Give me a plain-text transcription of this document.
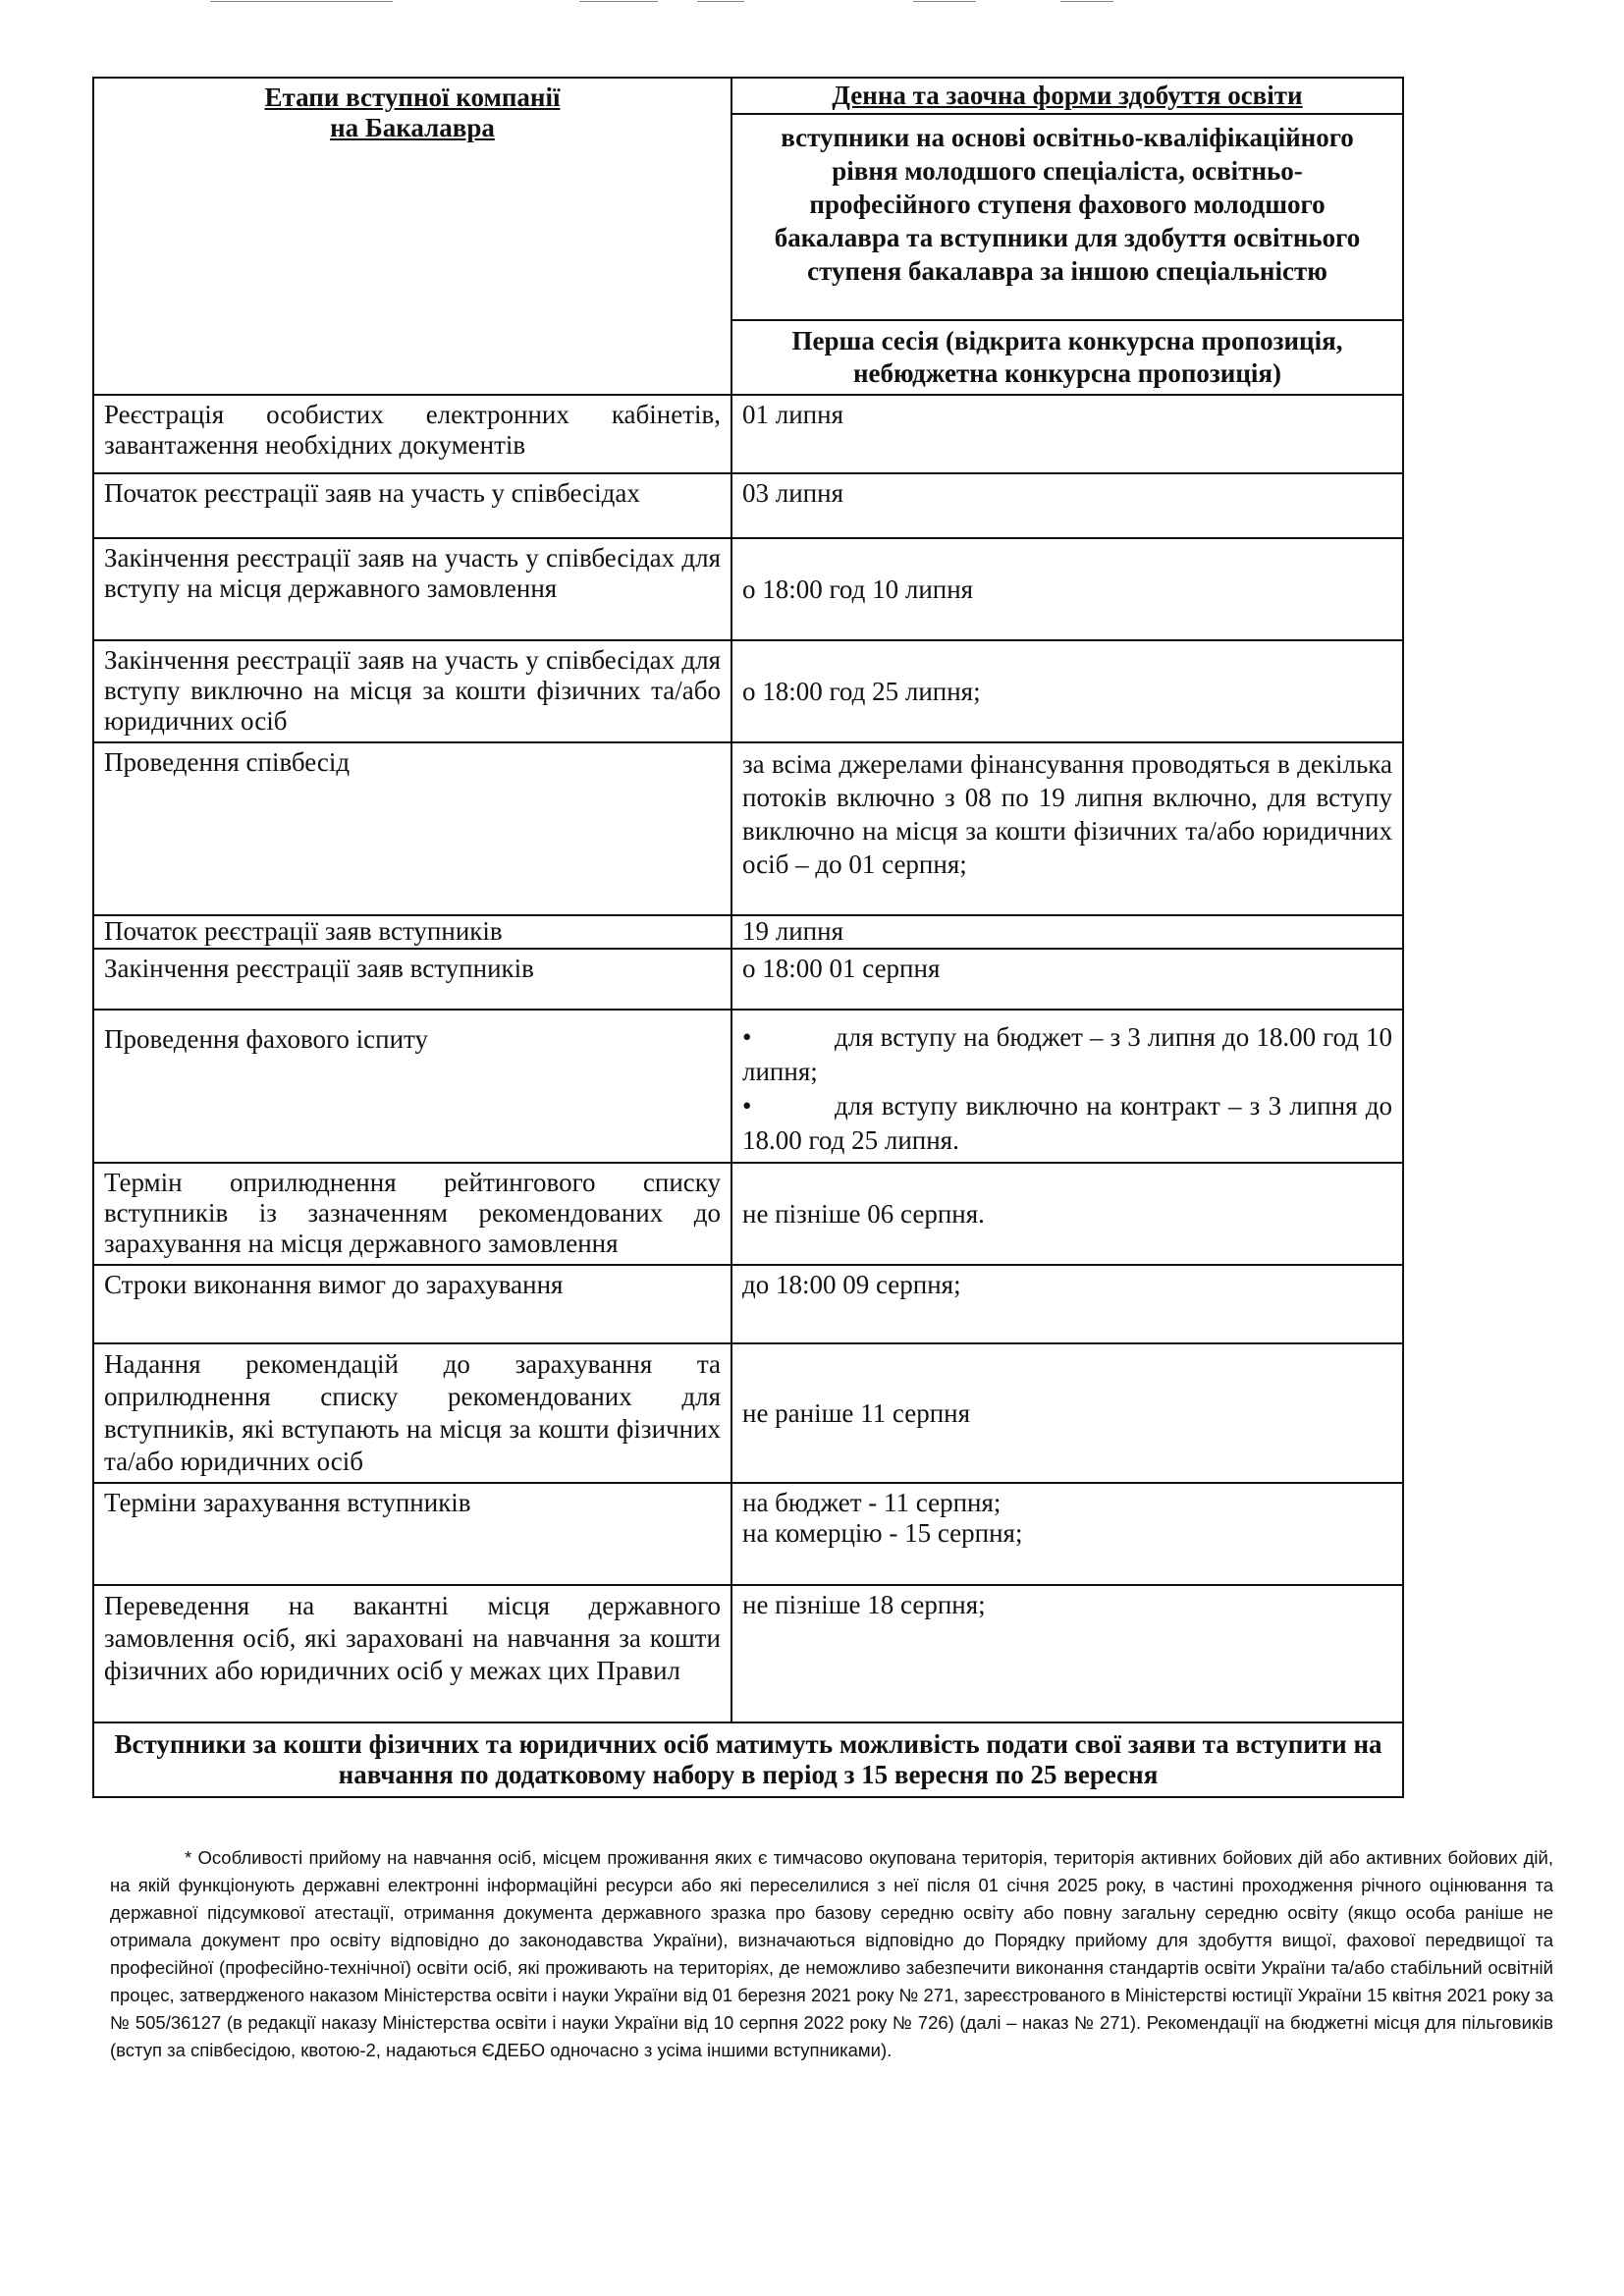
Етапи вступної компанії
на Бакалавра	Денна та заочна форми здобуття освіти
	вступники на основі освітньо-кваліфікаційного рівня молодшого спеціаліста, освітньо-професійного ступеня фахового молодшого бакалавра та вступники для здобуття освітнього ступеня бакалавра за іншою спеціальністю
	Перша сесія (відкрита конкурсна пропозиція, небюджетна конкурсна пропозиція)
Реєстрація особистих електронних кабінетів, завантаження необхідних документів	01 липня
Початок реєстрації заяв на участь у співбесідах	03 липня
Закінчення реєстрації заяв на участь у співбесідах для вступу на місця державного замовлення	о 18:00 год 10 липня
Закінчення реєстрації заяв на участь у співбесідах для вступу виключно на місця за кошти фізичних та/або юридичних осіб	о 18:00 год 25 липня;
Проведення співбесід	за всіма джерелами фінансування проводяться в декілька потоків включно з 08 по 19 липня включно, для вступу виключно на місця за кошти фізичних та/або юридичних осіб – до 01 серпня;
Початок реєстрації заяв вступників	19 липня
Закінчення реєстрації заяв вступників	о 18:00 01 серпня
Проведення фахового іспиту	• для вступу на бюджет – з 3 липня до 18.00 год 10 липня;
• для вступу виключно на контракт – з 3 липня до 18.00 год 25 липня.

Термін оприлюднення рейтингового списку вступників із зазначенням рекомендованих до зарахування на місця державного замовлення	не пізніше 06 серпня.
Строки виконання вимог до зарахування	до 18:00 09 серпня;
Надання рекомендацій до зарахування та оприлюднення списку рекомендованих для вступників, які вступають на місця за кошти фізичних та/або юридичних осіб	не раніше 11 серпня
Терміни зарахування вступників	на бюджет - 11 серпня;
на комерцію - 15 серпня;

Переведення на вакантні місця державного замовлення осіб, які зараховані на навчання за кошти фізичних або юридичних осіб у межах цих Правил	не пізніше 18 серпня;
Вступники за кошти фізичних та юридичних осіб матимуть можливість подати свої заяви та вступити на навчання по додатковому набору в період з 15 вересня по 25 вересня	
* Особливості прийому на навчання осіб, місцем проживання яких є тимчасово окупована територія, територія активних бойових дій або активних бойових дій, на якій функціонують державні електронні інформаційні ресурси або які переселилися з неї після 01 січня 2025 року, в частині проходження річного оцінювання та державної підсумкової атестації, отримання документа державного зразка про базову середню освіту або повну загальну середню освіту (якщо особа раніше не отримала документ про освіту відповідно до законодавства України), визначаються відповідно до Порядку прийому для здобуття вищої, фахової передвищої та професійної (професійно-технічної) освіти осіб, які проживають на територіях, де неможливо забезпечити виконання стандартів освіти України та/або стабільний освітній процес, затвердженого наказом Міністерства освіти і науки України від 01 березня 2021 року № 271, зареєстрованого в Міністерстві юстиції України 15 квітня 2021 року за № 505/36127 (в редакції наказу Міністерства освіти і науки України від 10 серпня 2022 року № 726) (далі – наказ № 271). Рекомендації на бюджетні місця для пільговиків (вступ за співбесідою, квотою-2, надаються ЄДЕБО одночасно з усіма іншими вступниками).
